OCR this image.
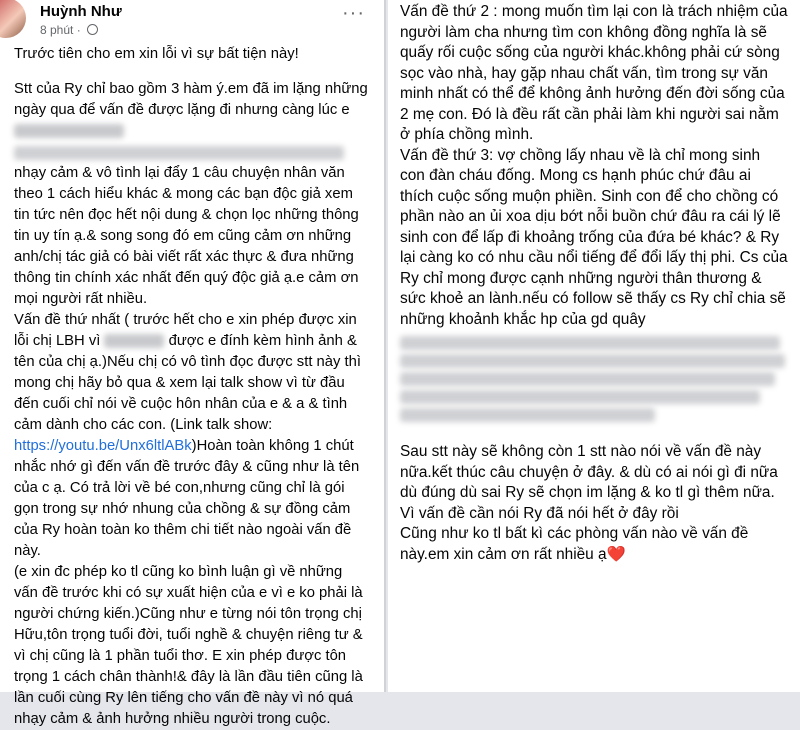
Huỳnh Như
8 phút ·
···

Trước tiên cho em xin lỗi vì sự bất tiện này!

Stt của Ry chỉ bao gồm 3 hàm ý.em đã im lặng những ngày qua để vấn đề được lặng đi nhưng càng lúc e

nhạy cảm & vô tình lại đẩy 1 câu chuyện nhân văn theo 1 cách hiểu khác & mong các bạn độc giả xem tin tức nên đọc hết nội dung & chọn lọc những thông tin uy tín ạ.& song song đó em cũng cảm ơn những anh/chị tác giả có bài viết rất xác thực & đưa những thông tin chính xác nhất đến quý độc giả ạ.e cảm ơn mọi người rất nhiều.

Vấn đề thứ nhất ( trước hết cho e xin phép được xin lỗi chị LBH vì	được e đính kèm hình ảnh & tên của chị ạ.)Nếu chị có vô tình đọc được stt này thì mong chị hãy bỏ qua & xem lại talk show vì từ đầu đến cuối chỉ nói về cuộc hôn nhân của e & a & tình cảm dành cho các con. (Link talk show: https://youtu.be/Unx6ltlABk)Hoàn toàn không 1 chút nhắc nhớ gì đến vấn đề trước đây & cũng như là tên của c ạ. Có trả lời về bé con,nhưng cũng chỉ là gói gọn trong sự nhớ nhung của chồng & sự đồng cảm của Ry hoàn toàn ko thêm chi tiết nào ngoài vấn đề này.

(e xin đc phép ko tl cũng ko bình luận gì về những vấn đề trước khi có sự xuất hiện của e vì e ko phải là người chứng kiến.)Cũng như e từng nói tôn trọng chị Hữu,tôn trọng tuổi đời, tuổi nghề & chuyện riêng tư & vì chị cũng là 1 phần tuổi thơ. E xin phép được tôn trọng 1 cách chân thành!& đây là lần đầu tiên cũng là lần cuối cùng Ry lên tiếng cho vấn đề này vì nó quá nhạy cảm & ảnh hưởng nhiều người trong cuộc.

Vấn đề thứ 2 : mong muốn tìm lại con là trách nhiệm của người làm cha nhưng tìm con không đồng nghĩa là sẽ quấy rối cuộc sống của người khác.không phải cứ sòng sọc vào nhà, hay gặp nhau chất vấn, tìm trong sự văn minh nhất có thể để không ảnh hưởng đến đời sống của 2 mẹ con. Đó là đều rất cần phải làm khi người sai nằm ở phía chồng mình.

Vấn đề thứ 3: vợ chồng lấy nhau về là chỉ mong sinh con đàn cháu đống. Mong cs hạnh phúc chứ đâu ai thích cuộc sống muộn phiền. Sinh con để cho chồng có phần nào an ủi xoa dịu bớt nỗi buồn chứ đâu ra cái lý lẽ sinh con để lấp đi khoảng trống của đứa bé khác? & Ry lại càng ko có nhu cầu nổi tiếng để đổi lấy thị phi. Cs của Ry chỉ mong được cạnh những người thân thương & sức khoẻ an lành.nếu có follow sẽ thấy cs Ry chỉ chia sẽ những khoảnh khắc hp của gd quây

Sau stt này sẽ không còn 1 stt nào nói về vấn đề này nữa.kết thúc câu chuyện ở đây. & dù có ai nói gì đi nữa dù đúng dù sai Ry sẽ chọn im lặng & ko tl gì thêm nữa. Vì vấn đề cần nói Ry đã nói hết ở đây rồi

Cũng như ko tl bất kì các phòng vấn nào về vấn đề này.em xin cảm ơn rất nhiều ạ❤️
